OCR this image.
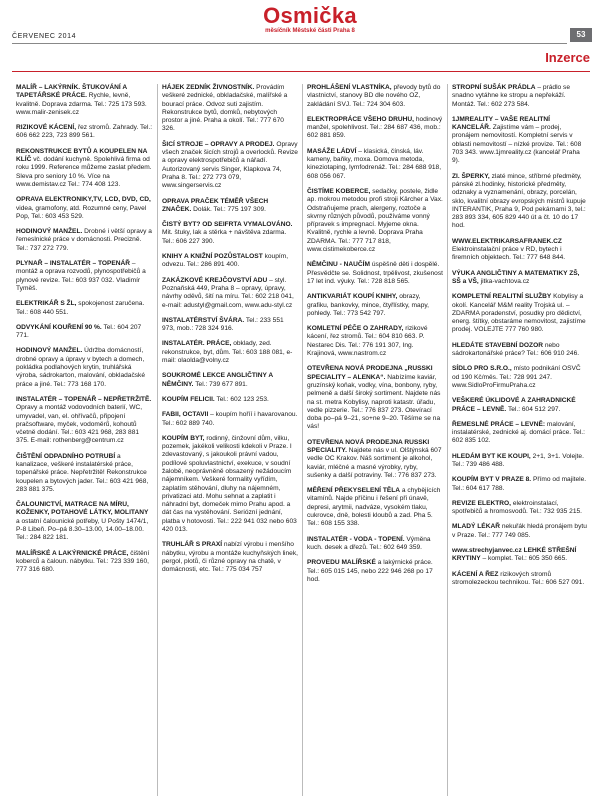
ČERVENEC 2014
Osmička
měsíčník Městské části Praha 8	53
Inzerce
MALÍŘ – LAKÝRNÍK. ŠTUKOVÁNÍ A TAPETÁŘSKÉ PRÁCE. Rychle, levně, kvalitně. Doprava zdarma. Tel.: 725 173 593. www.malir-zenisek.cz
RIZIKOVÉ KÁCENÍ, řez stromů. Zahrady. Tel.: 606 662 223, 723 899 561.
REKONSTRUKCE BYTŮ A KOUPELEN NA KLÍČ vč. dodání kuchyně. Spolehlivá firma od roku 1999. Reference můžeme zaslat předem. Sleva pro seniory 10 %. Více na www.demistav.cz Tel.: 774 408 123.
OPRAVA ELEKTRONIKY,TV, LCD, DVD, CD, videa, gramofony, atd. Rozumné ceny, Pavel Pop, Tel.: 603 453 529.
HODINOVÝ MANŽEL. Drobné i větší opravy a řemeslnické práce v domácnosti. Precizně. Tel.: 737 272 779.
PLYNAŘ – INSTALATÉR – TOPENÁŘ – montáž a oprava rozvodů, plynospotřebičů a plynové revize. Tel.: 603 937 032. Vladimír Tyměš.
ELEKTRIKÁŘ S ŽL, spokojenost zaručena. Tel.: 608 440 551.
ODVYKÁNÍ KOUŘENÍ 90 %. Tel.: 604 207 771.
HODINOVÝ MANŽEL. Údržba domácností, drobné opravy a úpravy v bytech a domech, pokládka podlahových krytin, truhlářská výroba, sádrokarton, malování, obkladačské práce a jiné. Tel.: 773 168 170.
INSTALATÉR – TOPENÁŘ – NEPŘETRŽITĚ. Opravy a montáž vodovodních baterií, WC, umyvadel, van, el. ohřívačů, připojení pračsoftware, myček, vodoměrů, kohoutů včetně dodání. Tel.: 603 421 968, 283 881 375. E-mail: rothenberg@centrum.cz
ČIŠTĚNÍ ODPADNÍHO POTRUBÍ a kanalizace, veškeré instalatérské práce, topenářské práce. Nepřetržitě! Rekonstrukce koupelen a bytových jader. Tel.: 603 421 968, 283 881 375.
ČALOUNICTVÍ, MATRACE NA MÍRU, KOŽENKY, POTAHOVÉ LÁTKY, MOLITANY a ostatní čalounické potřeby, U Pošty 1474/1, P-8 Libeň. Po–pá 8.30–13.00, 14.00–18.00. Tel.: 284 822 181.
MALÍŘSKÉ A LAKÝRNICKÉ PRÁCE, čištění koberců a čaloun. nábytku. Tel.: 723 339 160, 777 316 680.
HÁJEK ZEDNÍK ŽIVNOSTNÍK. Provádím veškeré zednické, obkladačské, malířské a bourací práce. Odvoz suti zajistím. Rekonstrukce bytů, domků, nebytových prostor a jiné. Praha a okolí. Tel.: 777 670 326.
ŠICÍ STROJE – OPRAVY A PRODEJ. Opravy všech značek šicích strojů a overlocků. Revize a opravy elektrospotřebičů a nářadí. Autorizovaný servis Singer, Klapkova 74, Praha 8. Tel.: 272 773 079, www.singerservis.cz
OPRAVA PRAČEK TÉMĚŘ VŠECH ZNAČEK. Dolák. Tel.: 775 197 309.
ČISTÝ BYT? OD SEIFRTA VYMALOVÁNO. Mit. štuky, lak a stěrka + návštěva zdarma. Tel.: 606 227 390.
KNIHY A KNIŽNÍ POZŮSTALOST koupím, odvezu. Tel.: 286 891 400.
ZAKÁZKOVÉ KREJČOVSTVÍ ADU – styl. Poznaňská 449, Praha 8 – opravy, úpravy, návrhy oděvů, šití na míru. Tel.: 602 218 041, e-mail: adustyl@gmail.com, www.adu-styl.cz
INSTALATÉRSTVÍ ŠVÁRA. Tel.: 233 551 973, mob.: 728 324 916.
INSTALATÉR. PRÁCE, obklady, zed. rekonstrukce, byt, dům. Tel.: 603 188 081, e-mail: olaolda@volny.cz
SOUKROMÉ LEKCE ANGLIČTINY A NĚMČINY. Tel.: 739 677 891.
KOUPÍM FELICII. Tel.: 602 123 253.
FABII, OCTAVII – koupím hoříí i havarovanou. Tel.: 602 889 740.
KOUPÍM BYT, rodinný, činžovní dům, vilku, pozemek, jakékoli velikosti kdekoli v Praze. I zdevastovaný, s jakoukoli právní vadou, podílové spoluvlastnictví, exekuce, v soudní žalobě, neoprávněně obsazený nežádoucím nájemníkem. Veškeré formality vyřídím, zaplatím stěhování, dluhy na nájemném, privatizaci atd. Mohu sehnat a zaplatit i náhradní byt, domeček mimo Prahu apod. a dát čas na vystěhování. Seriózní jednání, platba v hotovosti. Tel.: 222 941 032 nebo 603 420 013.
TRUHLÁŘ S PRAXÍ nabízí výrobu i menšího nábytku, výrobu a montáže kuchyňských linek, pergol, plotů, či různé opravy na chatě, v domácnosti, etc. Tel.: 775 034 757
PROHLÁŠENÍ VLASTNÍKA, převody bytů do vlastnictví, stanovy BD dle nového OZ, zakládání SVJ. Tel.: 724 304 603.
ELEKTROPRÁCE VŠEHO DRUHU, hodinový manžel, spolehlivost. Tel.: 284 687 436, mob.: 602 881 859.
MASÁŽE LÁDVÍ – klasická, čínská, láv. kameny, baňky, moxa. Domova metoda, kineziotaping, lymfodrenáž. Tel.: 284 688 918, 608 056 067.
ČISTÍME KOBERCE, sedačky, postele, židle ap. mokrou metodou profi stroji Kärcher a Vax. Odstraňujeme prach, alergeny, roztoče a skvrny různých původů, používáme vonný přípravek s impregnací. Myjeme okna. Kvalitně, rychle a levně. Doprava Praha ZDARMA. Tel.: 777 717 818, www.cistimekoberce.cz
NĚMČINU - NAUČÍM úspěšně děti i dospělé. Přesvědčte se. Solidnost, trpělivost, zkušenost 17 let ind. výuky. Tel.: 728 818 565.
ANTIKVARIÁT KOUPÍ KNIHY, obrazy, grafiku, bankovky, mince, čtyřlístky, mapy, pohledy. Tel.: 773 542 797.
KOMLETNÍ PÉČE O ZAHRADY, rizikové kácení, řez stromů. Tel.: 604 810 663. P. Nestarec Dis. Tel.: 776 191 307, Ing. Krajinová, www.nastrom.cz
OTEVŘENA NOVÁ PRODEJNA „RUSSKI SPECIALITY – ALENKA“. Nabízíme kaviár, gruzínský koňak, vodky, vína, bonbony, ryby, pelmeně a další široký sortiment. Najdete nás na st. metra Kobylisy, naproti katastr. úřadu, vedle pizzerie. Tel.: 776 837 273. Otevírací doba po–pá 9–21, so+ne 9–20. Těšíme se na vás!
OTEVŘENA NOVÁ PRODEJNA RUSSKI SPECIALITY. Najdete nás v ul. Olštýnská 607 vedle OC Krakov. Náš sortiment je alkohol, kaviár, mléčné a masné výrobky, ryby, sušenky a další potraviny. Tel.: 776 837 273.
MĚŘENÍ PŘEKYSELENÍ TĚLA a chybějících vitamínů. Najde příčinu i řešení při únavě, depresi, arytmii, nadváze, vysokém tlaku, cukrovce, dně, bolesti kloubů a zad. Pha 5. Tel.: 608 155 338.
INSTALATÉR - VODA - TOPENÍ. Výměna kuch. desek a dřezů. Tel.: 602 649 359.
PROVEDU MALÍŘSKÉ a lakýrnické práce. Tel.: 605 015 145, nebo 222 946 268 po 17 hod.
STROPNÍ SUŠÁK PRÁDLA – prádlo se snadno vytáhne ke stropu a nepřekáží. Montáž. Tel.: 602 273 584.
1JMREALITY – VAŠE REALITNÍ KANCELÁŘ. Zajistíme vám – prodej, pronájem nemovitostí. Kompletní servis v oblasti nemovitostí – nízké provize. Tel.: 608 703 343. www.1jmreality.cz (kancelář Praha 9).
ZI. ŠPERKY, zlaté mince, stříbrné předměty, pánské zl.hodinky, historické předměty, odznaky a vyznamenání, obrazy, porcelán, sklo, kvalitní obrazy evropských mistrů kupuje INTERANTIK, Praha 9, Pod pekárnami 3, tel.: 283 893 334, 605 829 440 út a čt. 10 do 17 hod.
WWW.ELEKTRIKARSAFRANEK.CZ Elektroinstalační práce v RD, bytech i firemních objektech. Tel.: 777 648 844.
VÝUKA ANGLIČTINY A MATEMATIKY ZŠ, SŠ a VŠ, jitka-vachtova.cz
KOMPLETNÍ REALITNÍ SLUŽBY Kobylisy a okolí. Kancelář M&M reality Trojská ul. – ZDARMA poradenství, posudky pro dědictví, energ. štítky, obstaráme nemovitost, zajistíme prodej. VOLEJTE 777 760 980.
HLEDÁTE STAVEBNÍ DOZOR nebo sádrokartonářské práce? Tel.: 606 910 246.
SÍDLO PRO S.R.O., místo podnikání OSVČ od 190 Kč/měs. Tel.: 728 991 247. www.SidloProFirmuPraha.cz
VEŠKERÉ ÚKLIDOVÉ A ZAHRADNICKÉ PRÁCE – LEVNĚ. Tel.: 604 512 297.
ŘEMESLNÉ PRÁCE – LEVNĚ: malování, instalatérské, zednické aj. domácí práce. Tel.: 602 835 102.
HLEDÁM BYT KE KOUPI, 2+1, 3+1. Volejte. Tel.: 739 486 488.
KOUPÍM BYT V PRAZE 8. Přímo od majitele. Tel.: 604 617 788.
REVIZE ELEKTRO, elektroinstalací, spotřebičů a hromosvodů. Tel.: 732 935 215.
MLADÝ LÉKAŘ nekuřák hledá pronájem bytu v Praze. Tel.: 777 749 085.
www.strechyjanvec.cz LEHKÉ STŘEŠNÍ KRYTINY – komplet. Tel.: 605 350 665.
KÁCENÍ A ŘEZ rizikových stromů stromolezeckou technikou. Tel.: 606 527 091.
